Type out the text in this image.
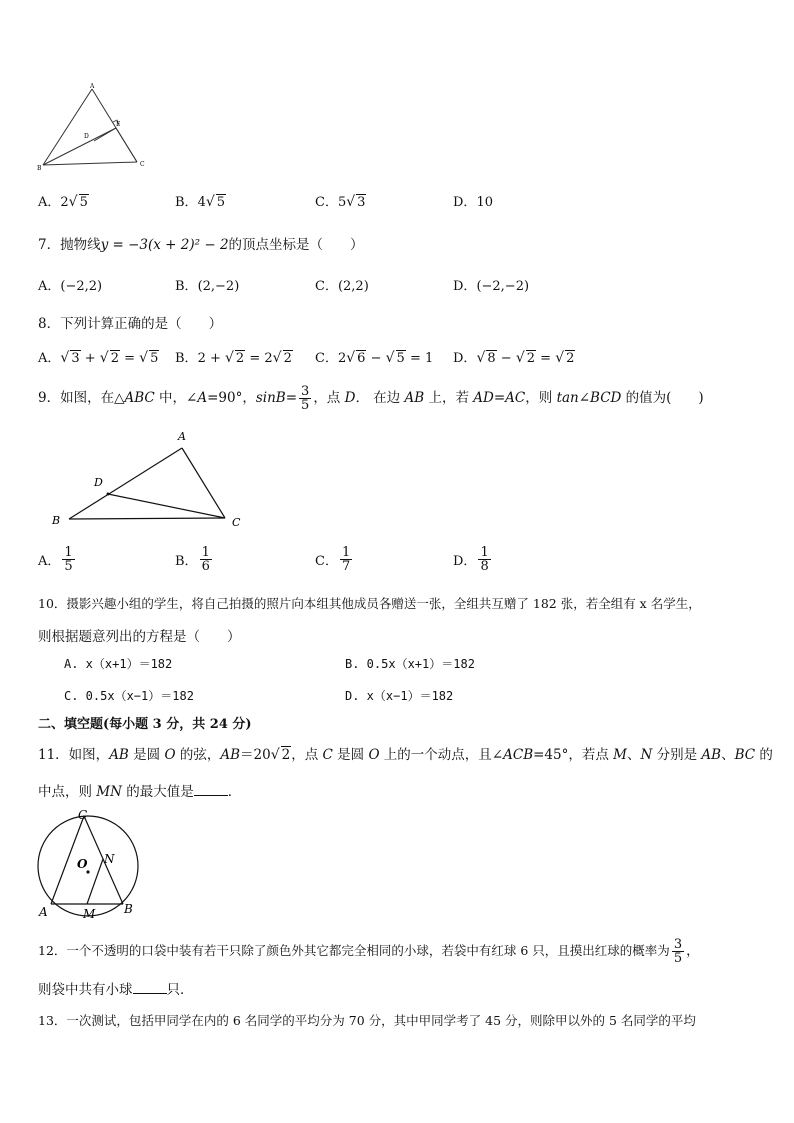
A
B
C
D
E
A．2√ 5	B．4√ 5	C．5√ 3	D．10
7．抛物线y = −3(x + 2)² − 2的顶点坐标是（　　）
A．(−2,2)	B．(2,−2)	C．(2,2)	D．(−2,−2)
8．下列计算正确的是（　　）
A．√ 3 + √ 2 = √ 5 B．2 + √ 2 = 2√ 2 C．2√ 6 − √ 5 = 1 D．√ 8 − √ 2 = √ 2
9．如图，在△ABC 中，∠A=90°，$\sin B= \frac{3}{5}$ ，点 D． 在边 AB 上，若 AD=AC，则 tan∠BCD 的值为(　　)
A
B	C
D
A． $\frac{1}{5}$	B． $\frac{1}{6}$	C． $\frac{1}{7}$	D． $\frac{1}{8}$
10．摄影兴趣小组的学生，将自己拍摄的照片向本组其他成员各赠送一张，全组共互赠了 182 张，若全组有 x 名学生，
则根据题意列出的方程是（　　）
A. x（x+1）＝182	B. 0.5x（x+1）＝182
C. 0.5x（x−1）＝182	D. x（x−1）＝182
二、填空题(每小题 3 分，共 24 分)
11．如图，AB 是圆 O 的弦，AB＝20√ 2，点 C 是圆 O 上的一个动点，且∠ACB=45°，若点 M、N 分别是 AB、BC 的
中点，则 MN 的最大值是	．
C
O N
A	M B
12．一个不透明的口袋中装有若干只除了颜色外其它都完全相同的小球，若袋中有红球 6 只，且摸出红球的概率为 $\frac{3}{5}$ ，
则袋中共有小球	只．
13．一次测试，包括甲同学在内的 6 名同学的平均分为 70 分，其中甲同学考了 45 分，则除甲以外的 5 名同学的平均
